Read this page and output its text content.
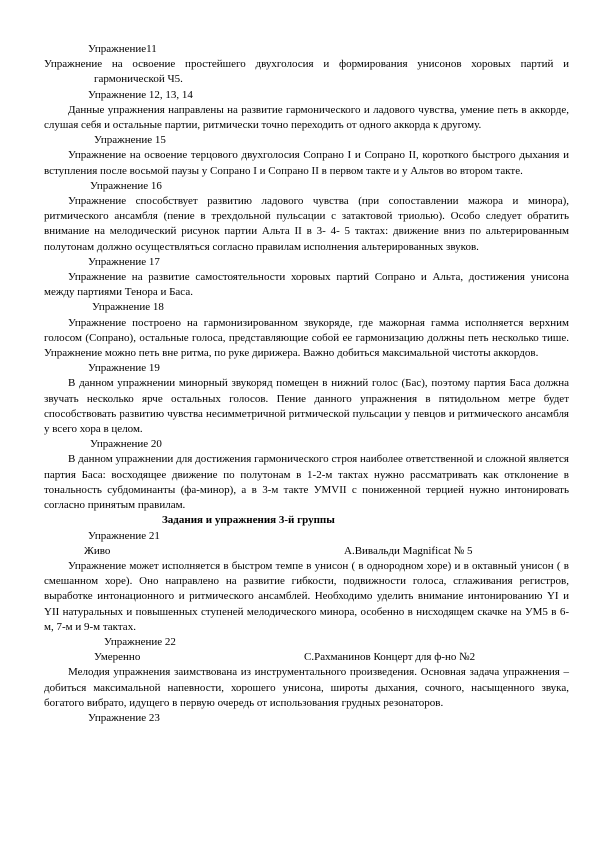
Упражнение11

Упражнение на освоение простейшего двухголосия и формирования унисонов хоровых партий и

гармонической Ч5.

Упражнение 12, 13, 14

Данные упражнения направлены на развитие гармонического и ладового чувства, умение петь в аккорде, слушая себя и остальные партии, ритмически точно переходить от одного аккорда к другому.

Упражнение 15

Упражнение на освоение терцового двухголосия Сопрано I и Сопрано II, короткого быстрого дыхания и вступления после восьмой паузы у Сопрано I и Сопрано II в первом такте и у Альтов во втором такте.

Упражнение 16

Упражнение способствует развитию ладового чувства (при сопоставлении мажора и минора), ритмического ансамбля (пение в трехдольной пульсации с затактовой триолью). Особо следует обратить внимание на мелодический рисунок партии Альта II в 3- 4- 5 тактах: движение вниз по альтерированным полутонам должно осуществляться согласно правилам исполнения альтерированных звуков.

Упражнение 17

Упражнение на развитие самостоятельности хоровых партий Сопрано и Альта, достижения унисона между партиями Тенора и Баса.

Упражнение 18

Упражнение построено на гармонизированном звукоряде, где мажорная гамма исполняется верхним голосом (Сопрано), остальные голоса, представляющие собой ее гармонизацию должны петь несколько тише. Упражнение можно петь вне ритма, по руке дирижера. Важно добиться максимальной чистоты аккордов.

Упражнение 19

В данном упражнении минорный звукоряд помещен в нижний голос (Бас), поэтому партия Баса должна звучать несколько ярче остальных голосов. Пение данного упражнения в пятидольном метре будет способствовать развитию чувства несимметричной ритмической пульсации у певцов и ритмического ансамбля у всего хора в целом.

Упражнение 20

В данном упражнении для достижения гармонического строя наиболее ответственной и сложной является партия Баса: восходящее движение по полутонам в 1-2-м тактах нужно рассматривать как отклонение в тональность субдоминанты (фа-минор), а в 3-м такте УМVII с пониженной терцией нужно интонировать согласно принятым правилам.

Задания и упражнения 3-й группы

Упражнение 21

Живо	А.Вивальди Magnificat № 5

Упражнение может исполняется в быстром темпе в унисон ( в однородном хоре) и в октавный унисон ( в смешанном хоре). Оно направлено на развитие гибкости, подвижности голоса, сглаживания регистров, выработке интонационного и ритмического ансамблей. Необходимо уделить внимание интонированию YI и YII натуральных и повышенных ступеней мелодического минора, особенно в нисходящем скачке на УМ5 в 6-м, 7-м и 9-м тактах.

Упражнение 22

Умеренно	С.Рахманинов Концерт для ф-но №2

Мелодия упражнения заимствована из инструментального произведения. Основная задача упражнения – добиться максимальной напевности, хорошего унисона, широты дыхания, сочного, насыщенного звука, богатого вибрато, идущего в первую очередь от использования грудных резонаторов.

Упражнение 23
